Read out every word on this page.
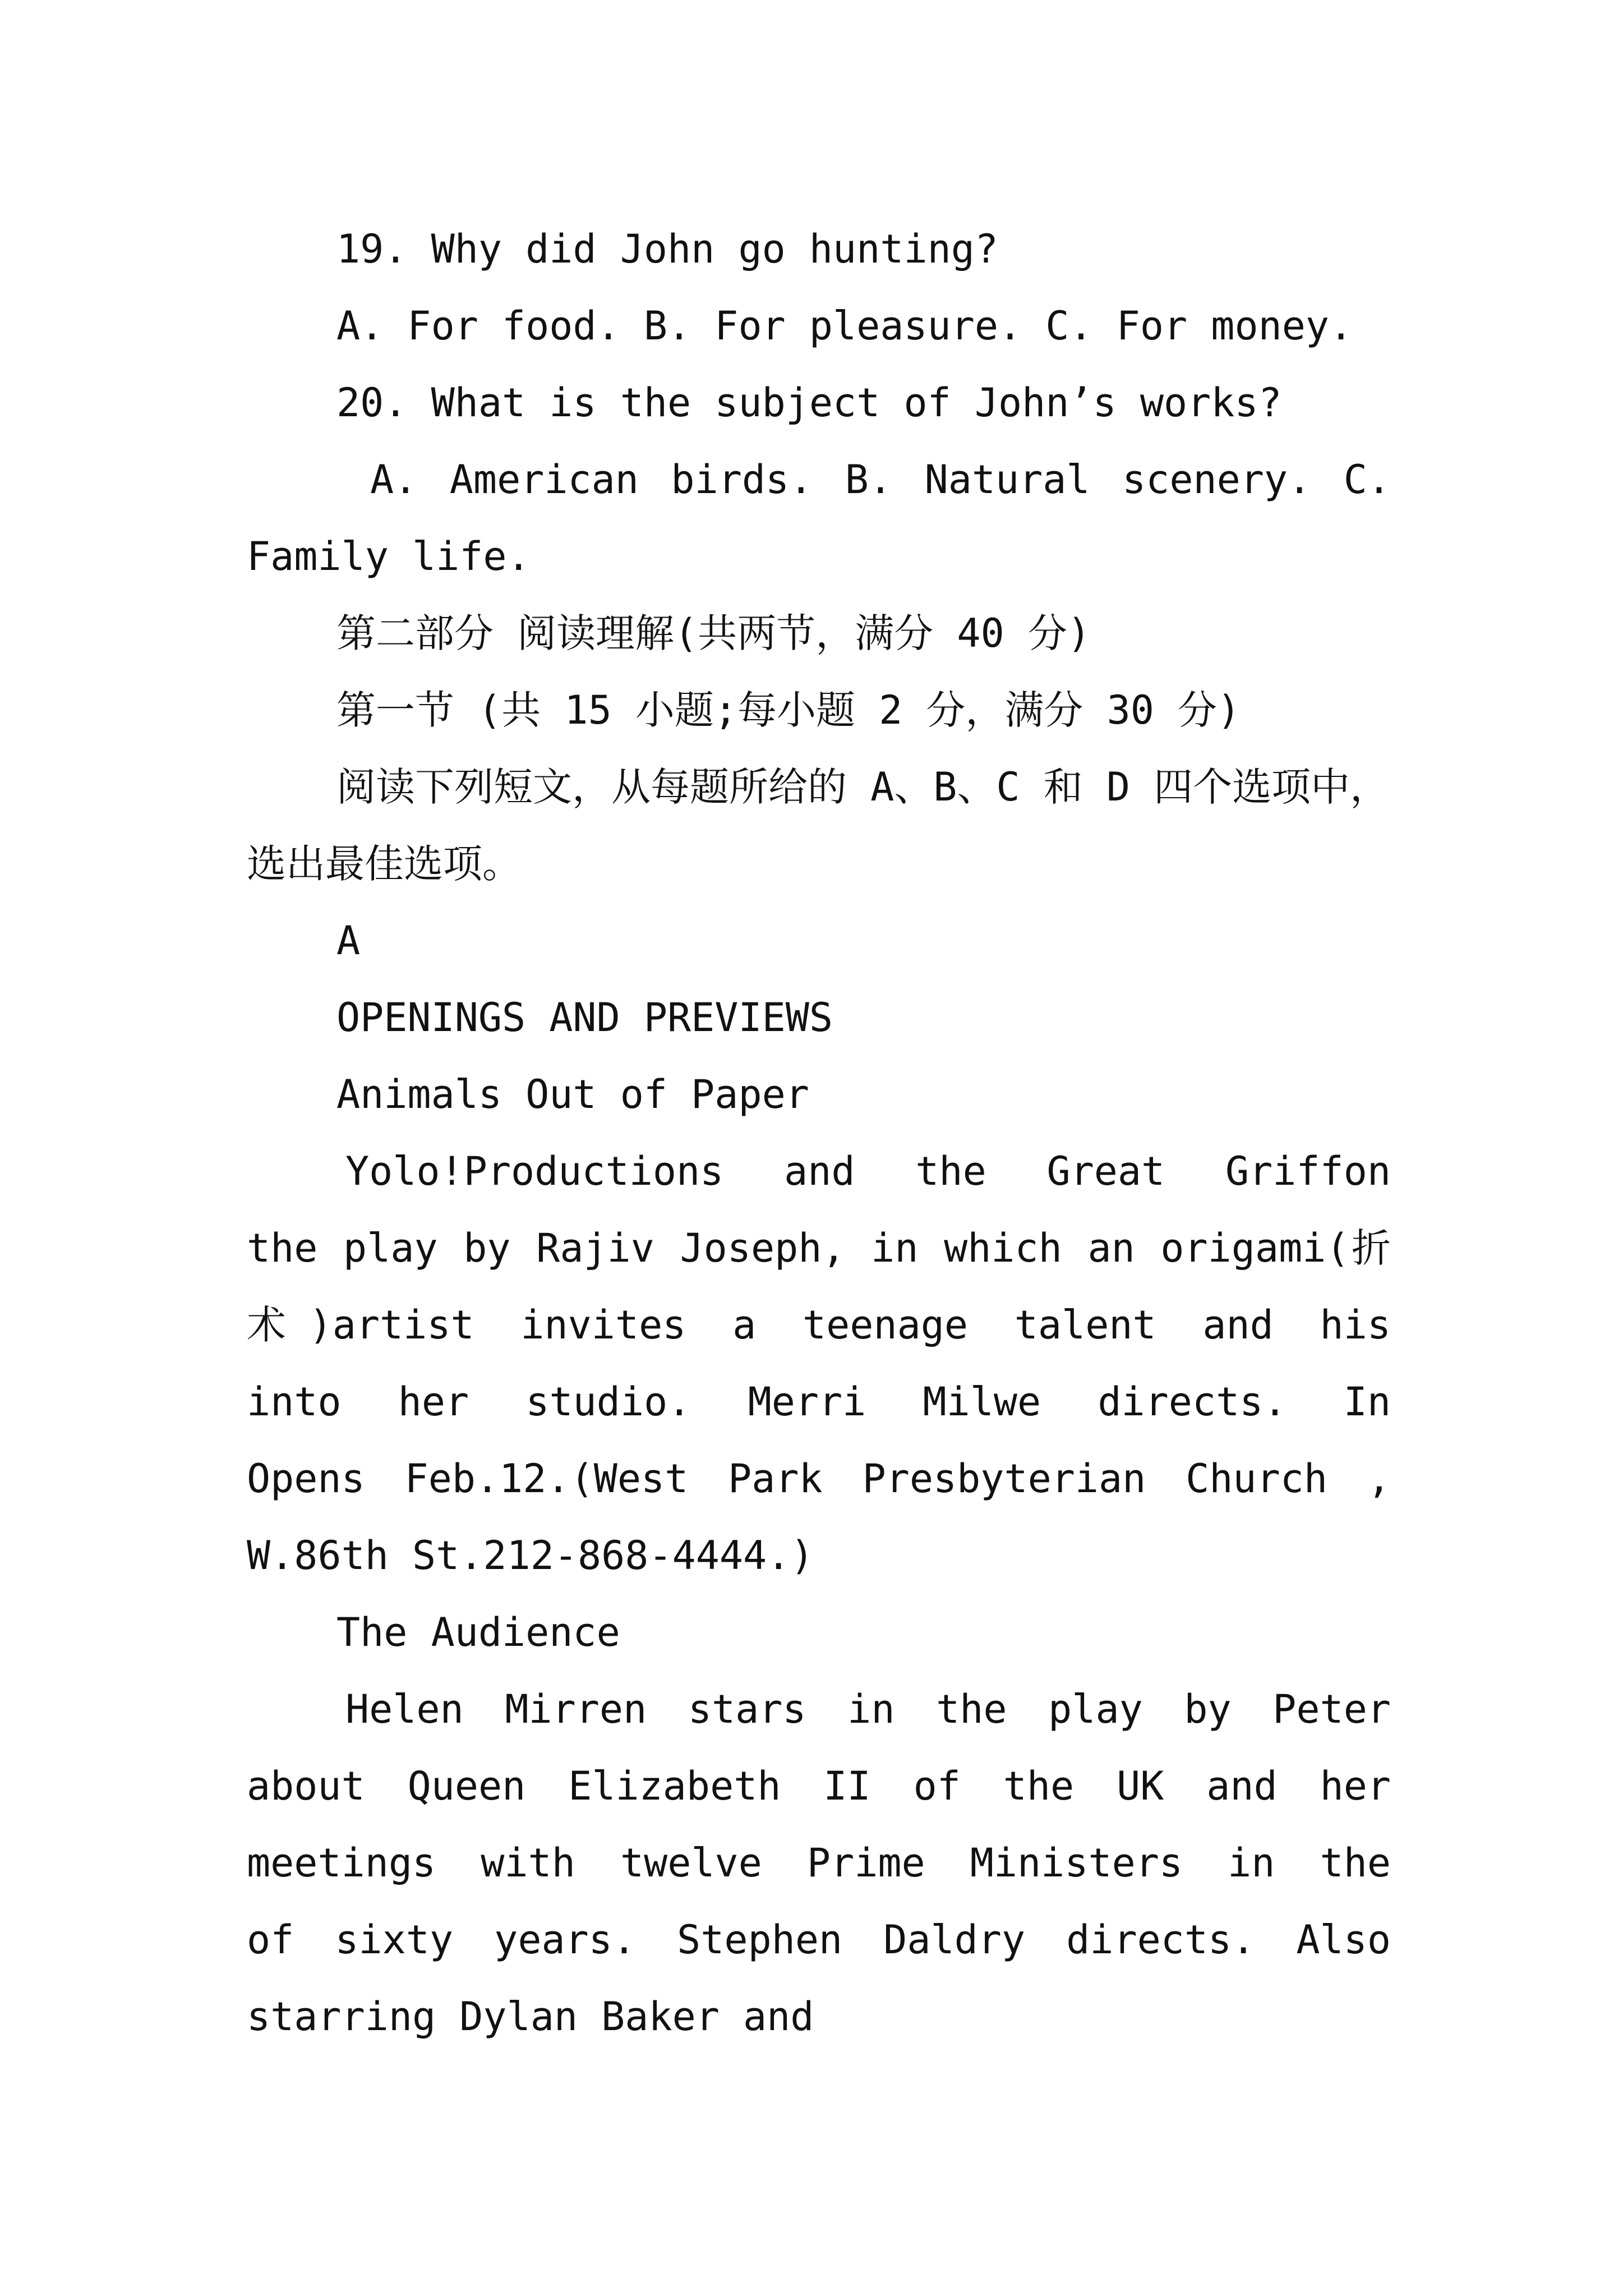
19. Why did John go hunting?
A. For food. B. For pleasure. C. For money.
20. What is the subject of John’s works?
A. American birds. B. Natural scenery. C.
Family life.
第二部分 阅读理解(共两节，满分 40 分)
第一节 (共 15 小题;每小题 2 分，满分 30 分)
阅读下列短文，从每题所给的 A、B、C 和 D 四个选项中，
选出最佳选项。
A
OPENINGS AND PREVIEWS
Animals Out of Paper
Yolo!Productions and the Great Griffon
the play by Rajiv Joseph, in which an origami(折
术)artist invites a teenage talent and his
into her studio. Merri Milwe directs. In
Opens Feb.12.(West Park Presbyterian Church ,
W.86th St.212-868-4444.)
The Audience
Helen Mirren stars in the play by Peter
about Queen Elizabeth II of the UK and her
meetings with twelve Prime Ministers in the
of sixty years. Stephen Daldry directs. Also
starring Dylan Baker and
